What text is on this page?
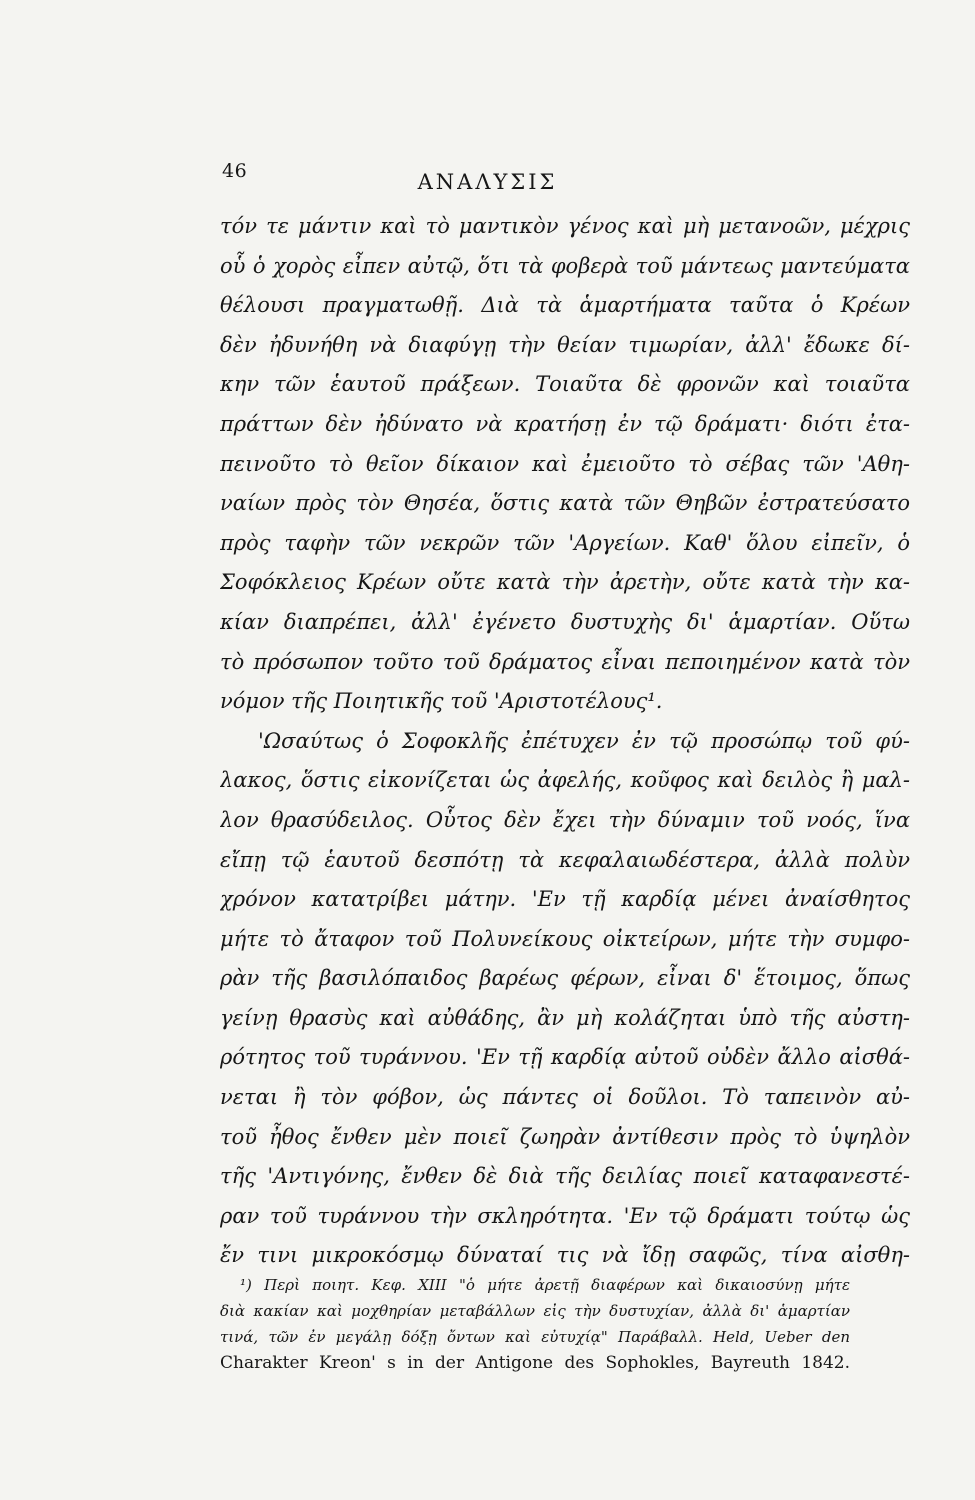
46	ΑΝΑΛΥΣΙΣ
τόν τε μάντιν καὶ τὸ μαντικὸν γένος καὶ μὴ μετανοῶν, μέχρις
οὗ ὁ χορὸς εἶπεν αὐτῷ, ὅτι τὰ φοβερὰ τοῦ μάντεως μαντεύματα
θέλουσι πραγματωθῇ. Διὰ τὰ ἁμαρτήματα ταῦτα ὁ Κρέων
δὲν ἠδυνήθη νὰ διαφύγῃ τὴν θείαν τιμωρίαν, ἀλλ' ἔδωκε δί-
κην τῶν ἑαυτοῦ πράξεων. Τοιαῦτα δὲ φρονῶν καὶ τοιαῦτα
πράττων δὲν ἠδύνατο νὰ κρατήσῃ ἐν τῷ δράματι· διότι ἐτα-
πεινοῦτο τὸ θεῖον δίκαιον καὶ ἐμειοῦτο τὸ σέβας τῶν 'Αθη-
ναίων πρὸς τὸν Θησέα, ὅστις κατὰ τῶν Θηβῶν ἐστρατεύσατο
πρὸς ταφὴν τῶν νεκρῶν τῶν 'Αργείων. Καθ' ὅλου εἰπεῖν, ὁ
Σοφόκλειος Κρέων οὔτε κατὰ τὴν ἀρετὴν, οὔτε κατὰ τὴν κα-
κίαν διαπρέπει, ἀλλ' ἐγένετο δυστυχὴς δι' ἁμαρτίαν. Οὕτω
τὸ πρόσωπον τοῦτο τοῦ δράματος εἶναι πεποιημένον κατὰ τὸν
νόμον τῆς Ποιητικῆς τοῦ 'Αριστοτέλους¹.
'Ωσαύτως ὁ Σοφοκλῆς ἐπέτυχεν ἐν τῷ προσώπῳ τοῦ φύ-
λακος, ὅστις εἰκονίζεται ὡς ἀφελής, κοῦφος καὶ δειλὸς ἢ μαλ-
λον θρασύδειλος. Οὗτος δὲν ἔχει τὴν δύναμιν τοῦ νοός, ἵνα
εἴπῃ τῷ ἑαυτοῦ δεσπότῃ τὰ κεφαλαιωδέστερα, ἀλλὰ πολὺν
χρόνον κατατρίβει μάτην. 'Εν τῇ καρδίᾳ μένει ἀναίσθητος
μήτε τὸ ἄταφον τοῦ Πολυνείκους οἰκτείρων, μήτε τὴν συμφο-
ρὰν τῆς βασιλόπαιδος βαρέως φέρων, εἶναι δ' ἕτοιμος, ὅπως
γείνῃ θρασὺς καὶ αὐθάδης, ἂν μὴ κολάζηται ὑπὸ τῆς αὐστη-
ρότητος τοῦ τυράννου. 'Εν τῇ καρδίᾳ αὐτοῦ οὐδὲν ἄλλο αἰσθά-
νεται ἢ τὸν φόβον, ὡς πάντες οἱ δοῦλοι. Τὸ ταπεινὸν αὐ-
τοῦ ἦθος ἔνθεν μὲν ποιεῖ ζωηρὰν ἀντίθεσιν πρὸς τὸ ὑψηλὸν
τῆς 'Αντιγόνης, ἔνθεν δὲ διὰ τῆς δειλίας ποιεῖ καταφανεστέ-
ραν τοῦ τυράννου τὴν σκληρότητα. 'Εν τῷ δράματι τούτῳ ὡς
ἔν τινι μικροκόσμῳ δύναταί τις νὰ ἴδῃ σαφῶς, τίνα αἰσθη-
¹) Περὶ ποιητ. Κεφ. XIII "ὁ μήτε ἀρετῇ διαφέρων καὶ δικαιοσύνῃ μήτε
διὰ κακίαν καὶ μοχθηρίαν μεταβάλλων εἰς τὴν δυστυχίαν, ἀλλὰ δι' ἁμαρτίαν
τινά, τῶν ἐν μεγάλῃ δόξῃ ὄντων καὶ εὐτυχίᾳ" Παράβαλλ. Held, Ueber den
Charakter Kreon' s in der Antigone des Sophokles, Bayreuth 1842.
